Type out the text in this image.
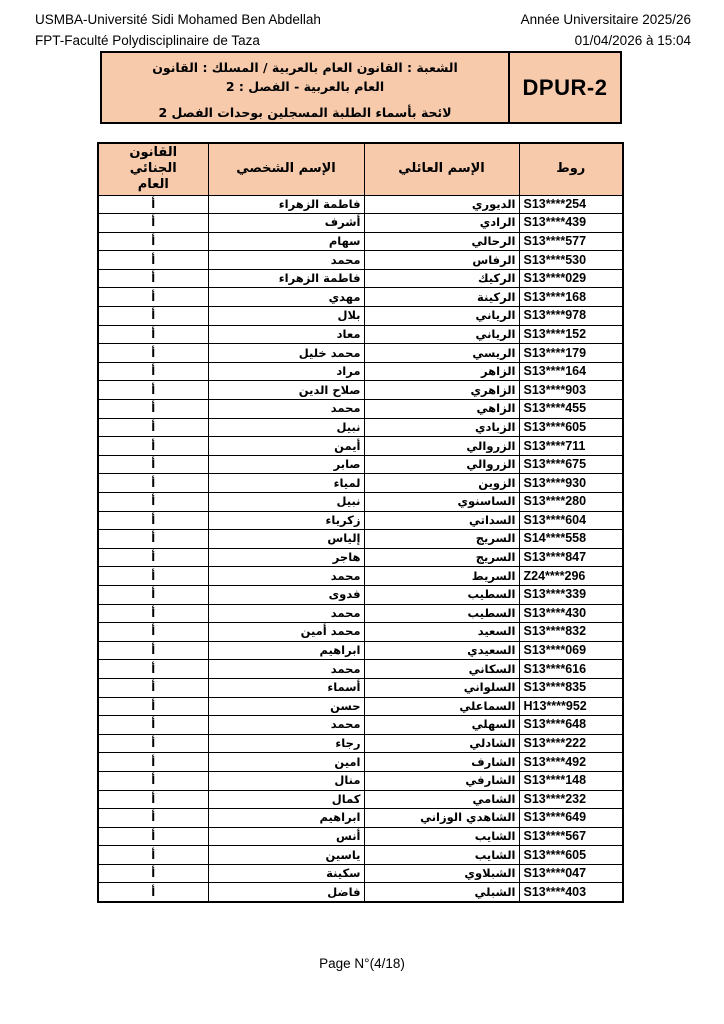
USMBA-Université Sidi Mohamed Ben Abdellah
FPT-Faculté Polydisciplinaire de Taza
Année Universitaire 2025/26
01/04/2026 à 15:04
الشعبة : القانون العام بالعربية / المسلك : القانون
العام بالعربية - الفصل : 2
لائحة بأسماء الطلبة المسجلين بوحدات الفصل 2
DPUR-2
روط	الإسم العائلي	الإسم الشخصي	القانون الجنائي العام
S13****254	الديوري	فاطمة الزهراء	أ
S13****439	الرادي	أشرف	أ
S13****577	الرحالي	سهام	أ
S13****530	الرفاس	محمد	أ
S13****029	الركيك	فاطمة الزهراء	أ
S13****168	الركينة	مهدي	أ
S13****978	الرياني	بلال	أ
S13****152	الرياني	معاد	أ
S13****179	الريسي	محمد خليل	أ
S13****164	الزاهر	مراد	أ
S13****903	الزاهري	صلاح الدين	أ
S13****455	الزاهي	محمد	أ
S13****605	الزبادي	نبيل	أ
S13****711	الزروالي	أيمن	أ
S13****675	الزروالي	صابر	أ
S13****930	الزوين	لمياء	أ
S13****280	الساسنوي	نبيل	أ
S13****604	السداتي	زكرياء	أ
S14****558	السريج	إلياس	أ
S13****847	السريج	هاجر	أ
Z24****296	السريط	محمد	أ
S13****339	السطيب	فدوى	أ
S13****430	السطيب	محمد	أ
S13****832	السعيد	محمد أمين	أ
S13****069	السعيدي	ابراهيم	أ
S13****616	السكاني	محمد	أ
S13****835	السلواني	أسماء	أ
H13****952	السماعلي	حسن	أ
S13****648	السهلي	محمد	أ
S13****222	الشادلي	رجاء	أ
S13****492	الشارف	امين	أ
S13****148	الشارفي	منال	أ
S13****232	الشامي	كمال	أ
S13****649	الشاهدي الوزاني	ابراهيم	أ
S13****567	الشايب	أنس	أ
S13****605	الشايب	ياسين	أ
S13****047	الشبلاوي	سكينة	أ
S13****403	الشبلي	فاضل	أ
Page N°(4/18)
